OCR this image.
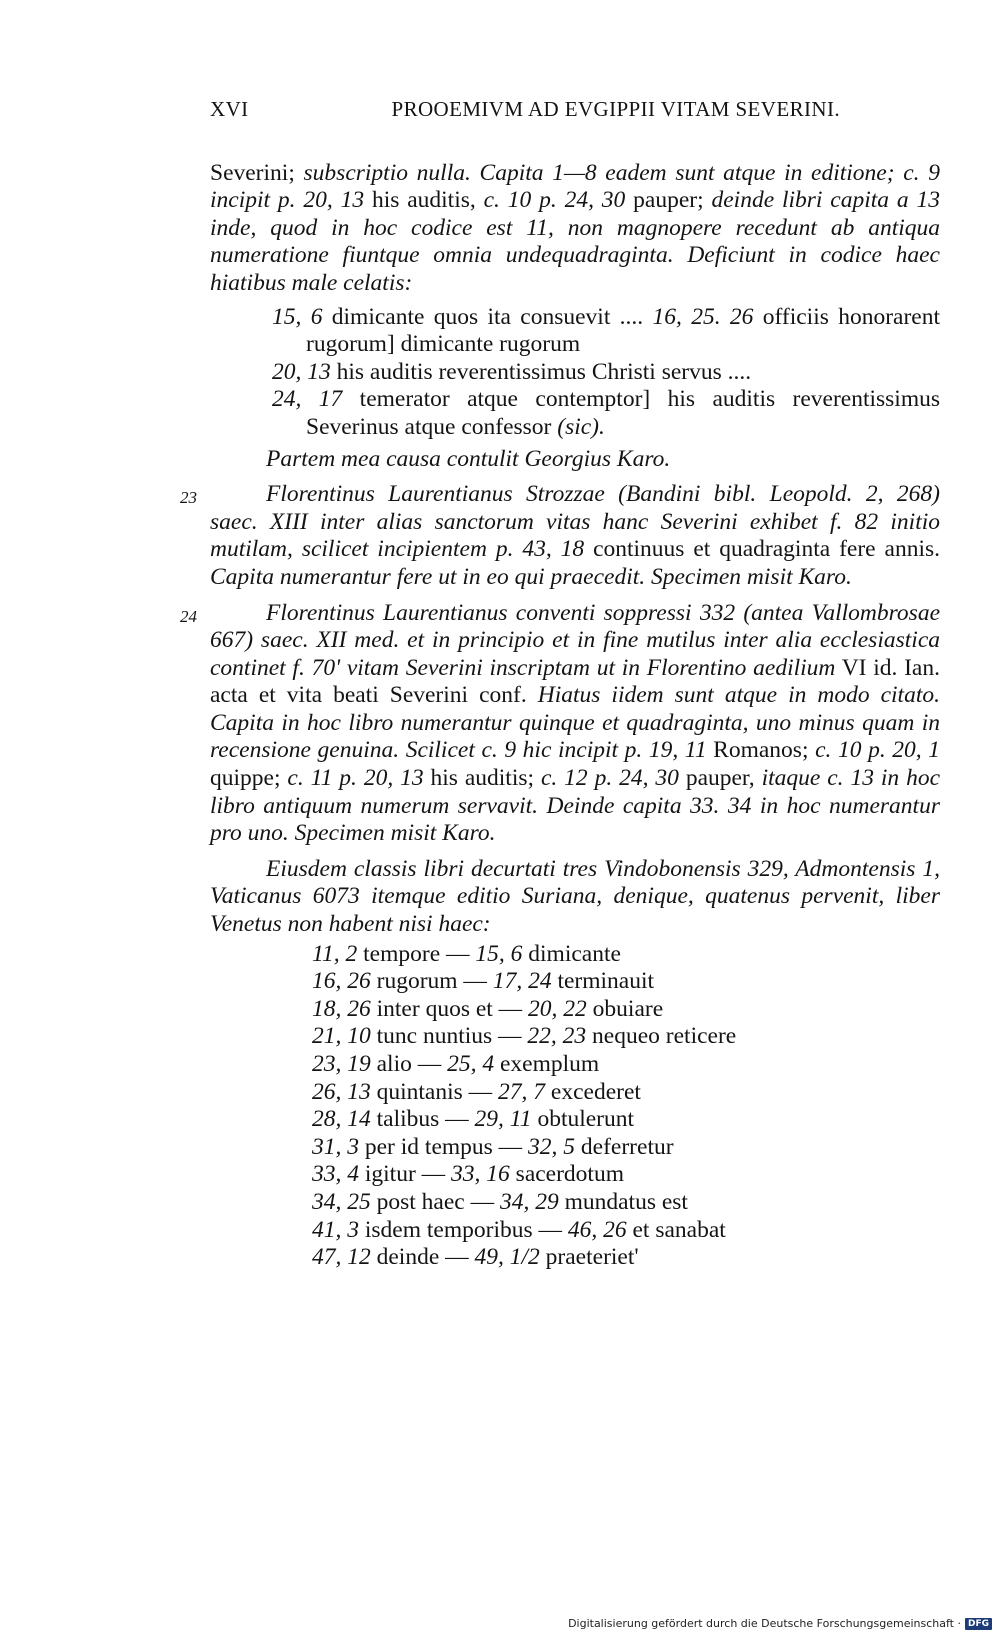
XVI	PROOEMIVM AD EVGIPPII VITAM SEVERINI.

Severini; subscriptio nulla. Capita 1—8 eadem sunt atque in editione; c. 9 incipit p. 20, 13 his auditis, c. 10 p. 24, 30 pauper; deinde libri capita a 13 inde, quod in hoc codice est 11, non magnopere recedunt ab antiqua numeratione fiuntque omnia undequadraginta. Deficiunt in codice haec hiatibus male celatis:

15, 6 dimicante quos ita consuevit .... 16, 25. 26 officiis honorarent rugorum] dimicante rugorum

20, 13 his auditis reverentissimus Christi servus ....

24, 17 temerator atque contemptor] his auditis reverentissimus Severinus atque confessor (sic).

Partem mea causa contulit Georgius Karo.

23	Florentinus Laurentianus Strozzae (Bandini bibl. Leopold. 2, 268) saec. XIII inter alias sanctorum vitas hanc Severini exhibet f. 82 initio mutilam, scilicet incipientem p. 43, 18 continuus et quadraginta fere annis. Capita numerantur fere ut in eo qui praecedit. Specimen misit Karo.

24	Florentinus Laurentianus conventi soppressi 332 (antea Vallombrosae 667) saec. XII med. et in principio et in fine mutilus inter alia ecclesiastica continet f. 70' vitam Severini inscriptam ut in Florentino aedilium VI id. Ian. acta et vita beati Severini conf. Hiatus iidem sunt atque in modo citato. Capita in hoc libro numerantur quinque et quadraginta, uno minus quam in recensione genuina. Scilicet c. 9 hic incipit p. 19, 11 Romanos; c. 10 p. 20, 1 quippe; c. 11 p. 20, 13 his auditis; c. 12 p. 24, 30 pauper, itaque c. 13 in hoc libro antiquum numerum servavit. Deinde capita 33. 34 in hoc numerantur pro uno. Specimen misit Karo.

Eiusdem classis libri decurtati tres Vindobonensis 329, Admontensis 1, Vaticanus 6073 itemque editio Suriana, denique, quatenus pervenit, liber Venetus non habent nisi haec:

11, 2 tempore — 15, 6 dimicante
16, 26 rugorum — 17, 24 terminauit
18, 26 inter quos et — 20, 22 obuiare
21, 10 tunc nuntius — 22, 23 nequeo reticere
23, 19 alio — 25, 4 exemplum
26, 13 quintanis — 27, 7 excederet
28, 14 talibus — 29, 11 obtulerunt
31, 3 per id tempus — 32, 5 deferretur
33, 4 igitur — 33, 16 sacerdotum
34, 25 post haec — 34, 29 mundatus est
41, 3 isdem temporibus — 46, 26 et sanabat
47, 12 deinde — 49, 1/2 praeteriet'
Digitalisierung gefördert durch die Deutsche Forschungsgemeinschaft · DFG
